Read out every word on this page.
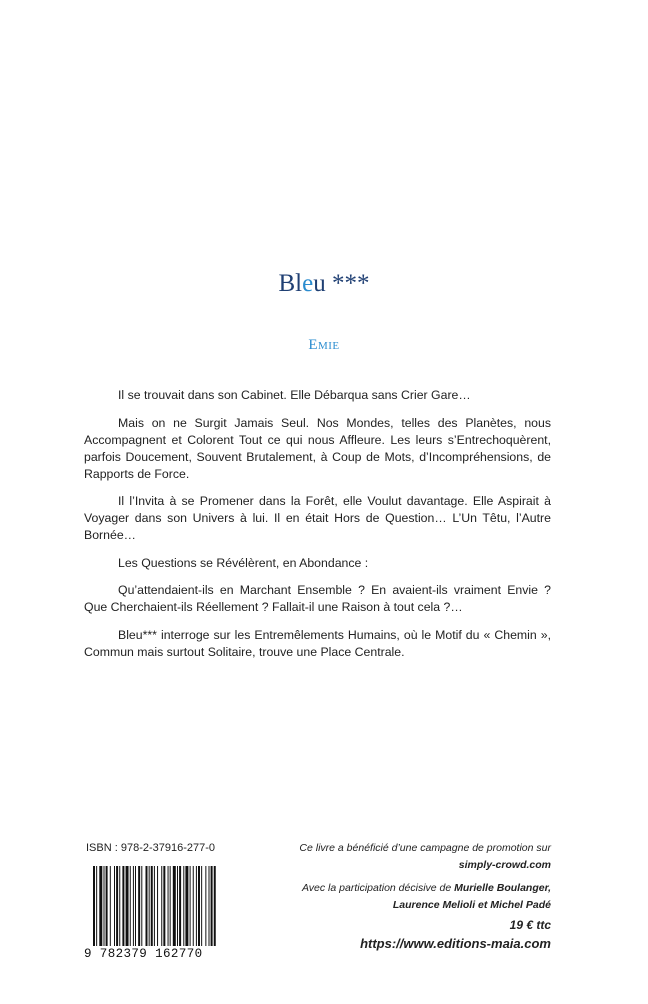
Bleu ***
Emie

Il se trouvait dans son Cabinet. Elle Débarqua sans Crier Gare…

Mais on ne Surgit Jamais Seul. Nos Mondes, telles des Planètes, nous Accompagnent et Colorent Tout ce qui nous Affleure. Les leurs s’Entrechoquèrent, parfois Doucement, Souvent Brutalement, à Coup de Mots, d’Incompréhensions, de Rapports de Force.

Il l’Invita à se Promener dans la Forêt, elle Voulut davantage. Elle Aspirait à Voyager dans son Univers à lui. Il en était Hors de Question… L’Un Têtu, l’Autre Bornée…

Les Questions se Révélèrent, en Abondance :

Qu’attendaient-ils en Marchant Ensemble ? En avaient-ils vraiment Envie ? Que Cherchaient-ils Réellement ? Fallait-il une Raison à tout cela ?…

Bleu*** interroge sur les Entremêlements Humains, où le Motif du « Chemin », Commun mais surtout Solitaire, trouve une Place Centrale.

ISBN : 978-2-37916-277-0
9 782379 162770
Ce livre a bénéficié d’une campagne de promotion sur
simply-crowd.com
Avec la participation décisive de Murielle Boulanger,
Laurence Melioli et Michel Padé
19 € ttc
https://www.editions-maia.com
